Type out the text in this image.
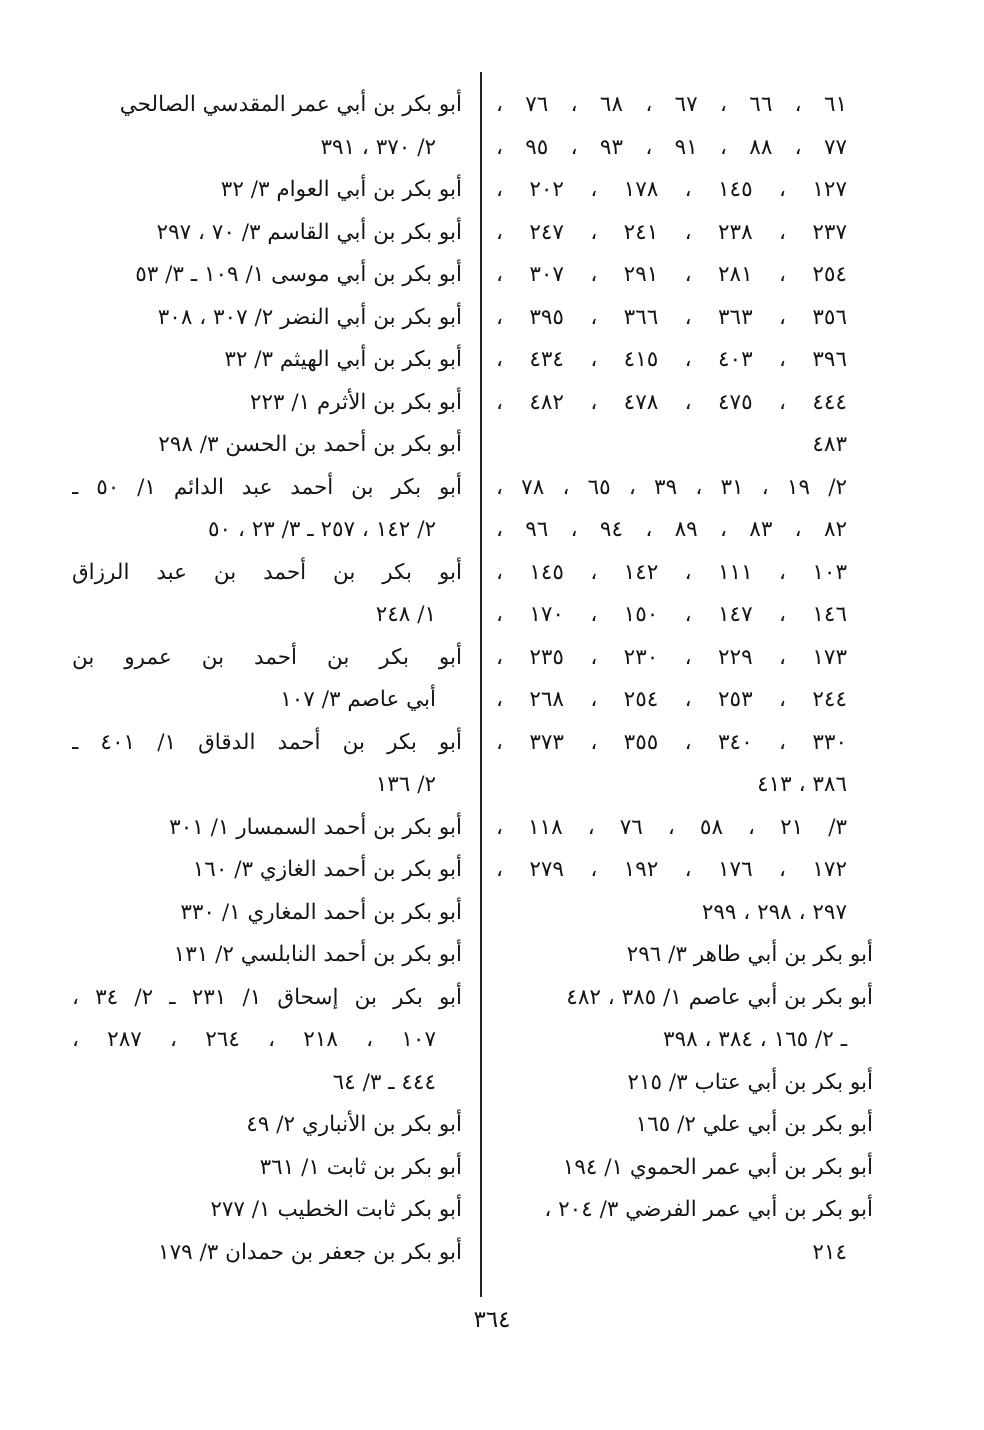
٦١ ، ٦٦ ، ٦٧ ، ٦٨ ، ٧٦ ،
٧٧ ، ٨٨ ، ٩١ ، ٩٣ ، ٩٥ ،
١٢٧ ، ١٤٥ ، ١٧٨ ، ٢٠٢ ،
٢٣٧ ، ٢٣٨ ، ٢٤١ ، ٢٤٧ ،
٢٥٤ ، ٢٨١ ، ٢٩١ ، ٣٠٧ ،
٣٥٦ ، ٣٦٣ ، ٣٦٦ ، ٣٩٥ ،
٣٩٦ ، ٤٠٣ ، ٤١٥ ، ٤٣٤ ،
٤٤٤ ، ٤٧٥ ، ٤٧٨ ، ٤٨٢ ،
٤٨٣
٢/ ١٩ ، ٣١ ، ٣٩ ، ٦٥ ، ٧٨ ،
٨٢ ، ٨٣ ، ٨٩ ، ٩٤ ، ٩٦ ،
١٠٣ ، ١١١ ، ١٤٢ ، ١٤٥ ،
١٤٦ ، ١٤٧ ، ١٥٠ ، ١٧٠ ،
١٧٣ ، ٢٢٩ ، ٢٣٠ ، ٢٣٥ ،
٢٤٤ ، ٢٥٣ ، ٢٥٤ ، ٢٦٨ ،
٣٣٠ ، ٣٤٠ ، ٣٥٥ ، ٣٧٣ ،
٣٨٦ ، ٤١٣
٣/ ٢١ ، ٥٨ ، ٧٦ ، ١١٨ ،
١٧٢ ، ١٧٦ ، ١٩٢ ، ٢٧٩ ،
٢٩٧ ، ٢٩٨ ، ٢٩٩
أبو بكر بن أبي طاهر ٣/ ٢٩٦
أبو بكر بن أبي عاصم ١/ ٣٨٥ ، ٤٨٢
ـ ٢/ ١٦٥ ، ٣٨٤ ، ٣٩٨
أبو بكر بن أبي عتاب ٣/ ٢١٥
أبو بكر بن أبي علي ٢/ ١٦٥
أبو بكر بن أبي عمر الحموي ١/ ١٩٤
أبو بكر بن أبي عمر الفرضي ٣/ ٢٠٤ ،
٢١٤
أبو بكر بن أبي عمر المقدسي الصالحي
٢/ ٣٧٠ ، ٣٩١
أبو بكر بن أبي العوام ٣/ ٣٢
أبو بكر بن أبي القاسم ٣/ ٧٠ ، ٢٩٧
أبو بكر بن أبي موسى ١/ ١٠٩ ـ ٣/ ٥٣
أبو بكر بن أبي النضر ٢/ ٣٠٧ ، ٣٠٨
أبو بكر بن أبي الهيثم ٣/ ٣٢
أبو بكر بن الأثرم ١/ ٢٢٣
أبو بكر بن أحمد بن الحسن ٣/ ٢٩٨
أبو بكر بن أحمد عبد الدائم ١/ ٥٠ ـ
٢/ ١٤٢ ، ٢٥٧ ـ ٣/ ٢٣ ، ٥٠
أبو بكر بن أحمد بن عبد الرزاق
١/ ٢٤٨
أبو بكر بن أحمد بن عمرو بن
أبي عاصم ٣/ ١٠٧
أبو بكر بن أحمد الدقاق ١/ ٤٠١ ـ
٢/ ١٣٦
أبو بكر بن أحمد السمسار ١/ ٣٠١
أبو بكر بن أحمد الغازي ٣/ ١٦٠
أبو بكر بن أحمد المغاري ١/ ٣٣٠
أبو بكر بن أحمد النابلسي ٢/ ١٣١
أبو بكر بن إسحاق ١/ ٢٣١ ـ ٢/ ٣٤ ،
١٠٧ ، ٢١٨ ، ٢٦٤ ، ٢٨٧ ،
٤٤٤ ـ ٣/ ٦٤
أبو بكر بن الأنباري ٢/ ٤٩
أبو بكر بن ثابت ١/ ٣٦١
أبو بكر ثابت الخطيب ١/ ٢٧٧
أبو بكر بن جعفر بن حمدان ٣/ ١٧٩
٣٦٤
